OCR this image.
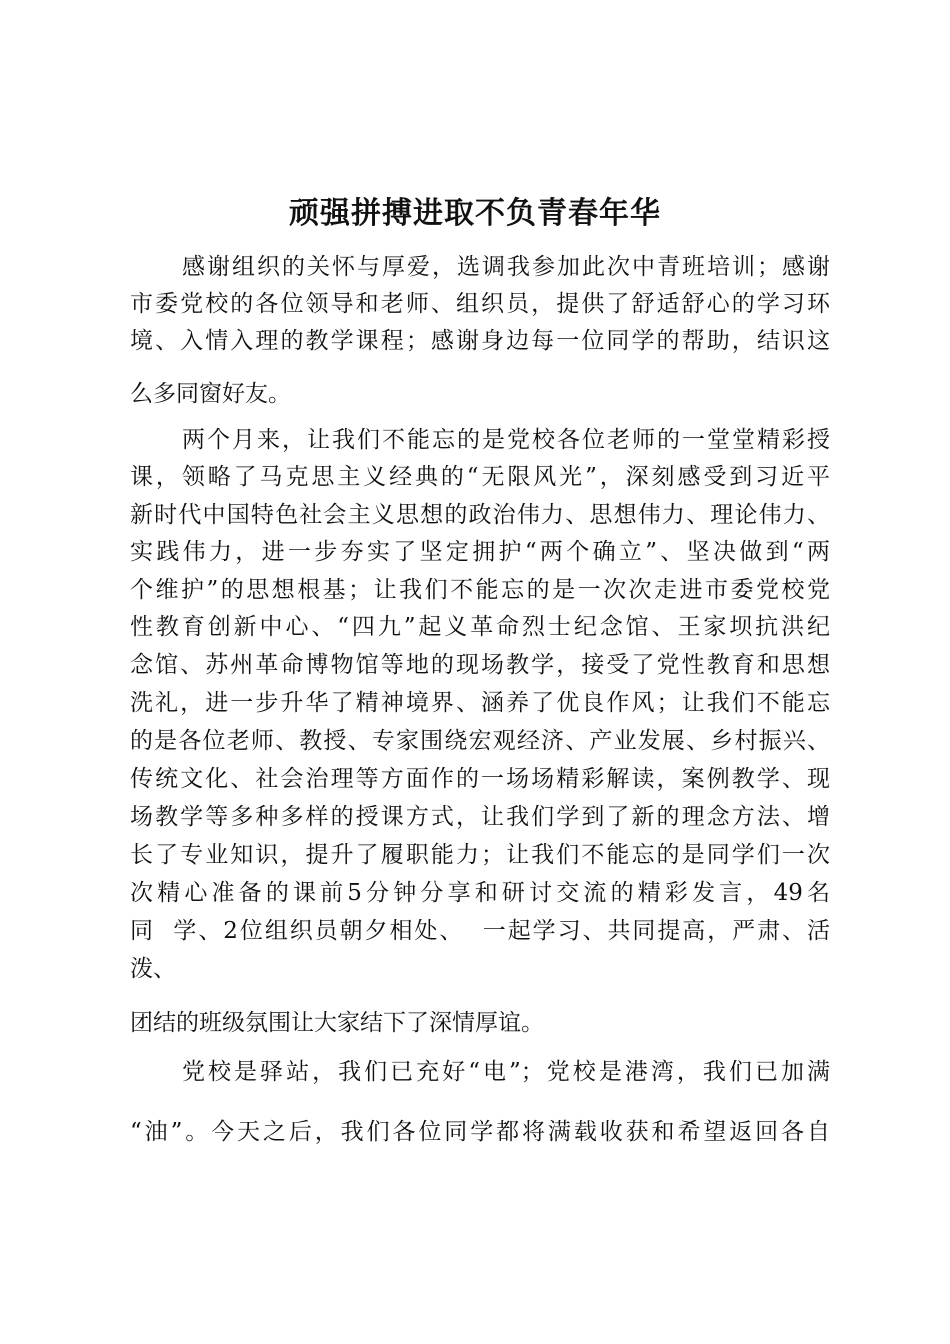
顽强拼搏进取不负青春年华
感谢组织的关怀与厚爱，选调我参加此次中青班培训；感谢
市委党校的各位领导和老师、组织员，提供了舒适舒心的学习环
境、入情入理的教学课程；感谢身边每一位同学的帮助，结识这
么多同窗好友。
两个月来，让我们不能忘的是党校各位老师的一堂堂精彩授
课，领略了马克思主义经典的“无限风光”，深刻感受到习近平
新时代中国特色社会主义思想的政治伟力、思想伟力、理论伟力、
实践伟力，进一步夯实了坚定拥护“两个确立”、坚决做到“两
个维护”的思想根基；让我们不能忘的是一次次走进市委党校党
性教育创新中心、“四九”起义革命烈士纪念馆、王家坝抗洪纪
念馆、苏州革命博物馆等地的现场教学，接受了党性教育和思想
洗礼，进一步升华了精神境界、涵养了优良作风；让我们不能忘
的是各位老师、教授、专家围绕宏观经济、产业发展、乡村振兴、
传统文化、社会治理等方面作的一场场精彩解读，案例教学、现
场教学等多种多样的授课方式，让我们学到了新的理念方法、增
长了专业知识，提升了履职能力；让我们不能忘的是同学们一次
次精心准备的课前5分钟分享和研讨交流的精彩发言，49名
同  学、2位组织员朝夕相处、  一起学习、共同提高，严肃、活
泼、
团结的班级氛围让大家结下了深情厚谊。
党校是驿站，我们已充好“电”；党校是港湾，我们已加满
“油”。今天之后，我们各位同学都将满载收获和希望返回各自
